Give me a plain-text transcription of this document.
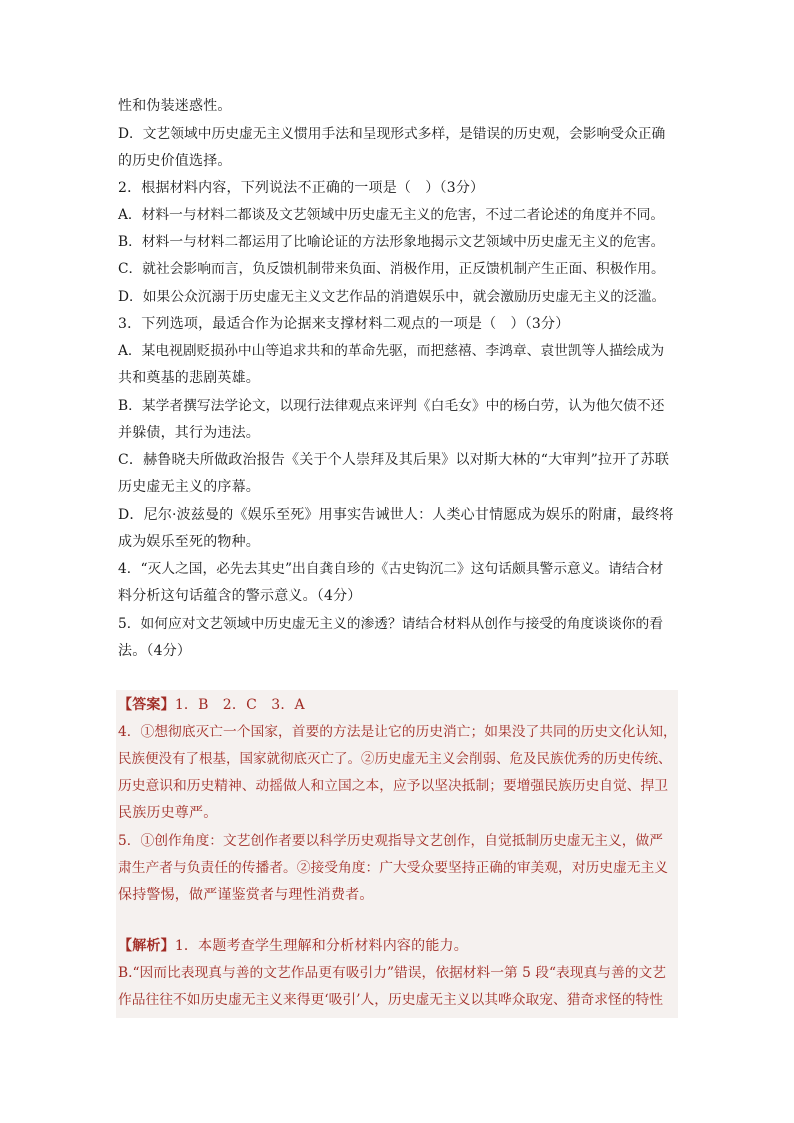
性和伪装迷惑性。
D．文艺领域中历史虚无主义惯用手法和呈现形式多样，是错误的历史观，会影响受众正确
的历史价值选择。
2．根据材料内容，下列说法不正确的一项是（　）（3分）
A．材料一与材料二都谈及文艺领域中历史虚无主义的危害，不过二者论述的角度并不同。
B．材料一与材料二都运用了比喻论证的方法形象地揭示文艺领域中历史虚无主义的危害。
C．就社会影响而言，负反馈机制带来负面、消极作用，正反馈机制产生正面、积极作用。
D．如果公众沉溺于历史虚无主义文艺作品的消遣娱乐中，就会激励历史虚无主义的泛滥。
3．下列选项，最适合作为论据来支撑材料二观点的一项是（　）（3分）
A．某电视剧贬损孙中山等追求共和的革命先驱，而把慈禧、李鸿章、袁世凯等人描绘成为
共和奠基的悲剧英雄。
B．某学者撰写法学论文，以现行法律观点来评判《白毛女》中的杨白劳，认为他欠债不还
并躲债，其行为违法。
C．赫鲁晓夫所做政治报告《关于个人崇拜及其后果》以对斯大林的“大审判”拉开了苏联
历史虚无主义的序幕。
D．尼尔·波兹曼的《娱乐至死》用事实告诫世人：人类心甘情愿成为娱乐的附庸，最终将
成为娱乐至死的物种。
4．“灭人之国，必先去其史”出自龚自珍的《古史钩沉二》这句话颇具警示意义。请结合材
料分析这句话蕴含的警示意义。（4分）
5．如何应对文艺领域中历史虚无主义的渗透？请结合材料从创作与接受的角度谈谈你的看
法。（4分）
【答案】1．B　2．C　3．A
4．①想彻底灭亡一个国家，首要的方法是让它的历史消亡；如果没了共同的历史文化认知，
民族便没有了根基，国家就彻底灭亡了。②历史虚无主义会削弱、危及民族优秀的历史传统、
历史意识和历史精神、动摇做人和立国之本，应予以坚决抵制；要增强民族历史自觉、捍卫
民族历史尊严。
5．①创作角度：文艺创作者要以科学历史观指导文艺创作，自觉抵制历史虚无主义，做严
肃生产者与负责任的传播者。②接受角度：广大受众要坚持正确的审美观，对历史虚无主义
保持警惕，做严谨鉴赏者与理性消费者。
【解析】1．本题考查学生理解和分析材料内容的能力。
B.“因而比表现真与善的文艺作品更有吸引力”错误，依据材料一第 5 段“表现真与善的文艺
作品往往不如历史虚无主义来得更‘吸引’人，历史虚无主义以其哗众取宠、猎奇求怪的特性
